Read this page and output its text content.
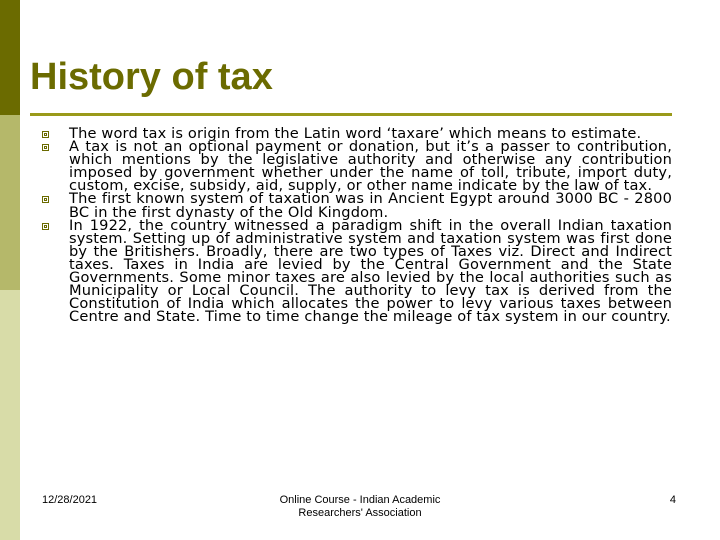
History of tax
The word tax is origin from the Latin word ‘taxare’ which means to estimate.
A tax is not an optional payment or donation, but it’s a passer to contribution, which mentions by the legislative authority and otherwise any contribution imposed by government whether under the name of toll, tribute, import duty, custom, excise, subsidy, aid, supply, or other name indicate by the law of tax.
The first known system of taxation was in Ancient Egypt around 3000 BC - 2800 BC in the first dynasty of the Old Kingdom.
In 1922, the country witnessed a paradigm shift in the overall Indian taxation system. Setting up of administrative system and taxation system was first done by the Britishers. Broadly, there are two types of Taxes viz. Direct and Indirect taxes. Taxes in India are levied by the Central Government and the State Governments. Some minor taxes are also levied by the local authorities such as Municipality or Local Council. The authority to levy tax is derived from the Constitution of India which allocates the power to levy various taxes between Centre and State. Time to time change the mileage of tax system in our country.
12/28/2021	Online Course - Indian Academic
Researchers' Association
4
